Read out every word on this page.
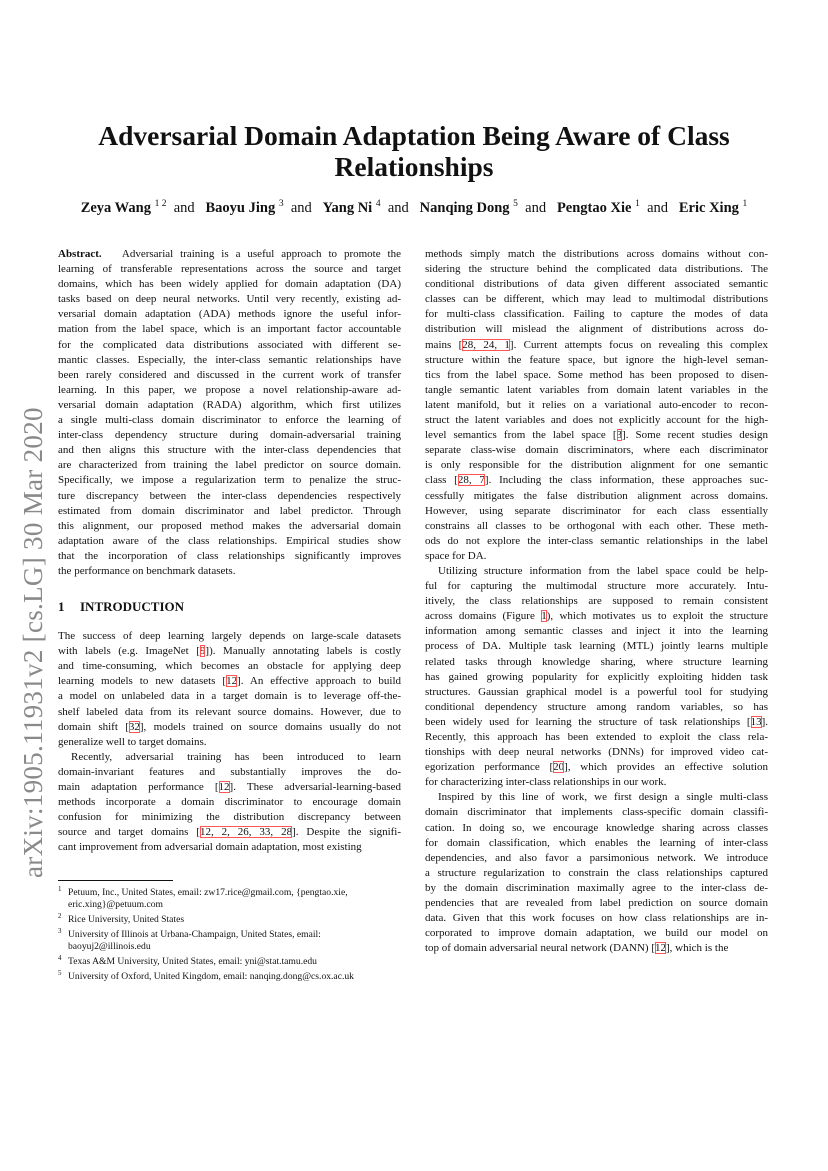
arXiv:1905.11931v2 [cs.LG] 30 Mar 2020
Adversarial Domain Adaptation Being Aware of Class
Relationships
Zeya Wang $^{1 2}$ and Baoyu Jing $^3$ and Yang Ni $^4$ and Nanqing Dong $^5$ and Pengtao Xie $^1$ and Eric Xing $^1$
Abstract. Adversarial training is a useful approach to promote the
learning of transferable representations across the source and target
domains, which has been widely applied for domain adaptation (DA)
tasks based on deep neural networks. Until very recently, existing ad-
versarial domain adaptation (ADA) methods ignore the useful infor-
mation from the label space, which is an important factor accountable
for the complicated data distributions associated with different se-
mantic classes. Especially, the inter-class semantic relationships have
been rarely considered and discussed in the current work of transfer
learning. In this paper, we propose a novel relationship-aware ad-
versarial domain adaptation (RADA) algorithm, which first utilizes
a single multi-class domain discriminator to enforce the learning of
inter-class dependency structure during domain-adversarial training
and then aligns this structure with the inter-class dependencies that
are characterized from training the label predictor on source domain.
Specifically, we impose a regularization term to penalize the struc-
ture discrepancy between the inter-class dependencies respectively
estimated from domain discriminator and label predictor. Through
this alignment, our proposed method makes the adversarial domain
adaptation aware of the class relationships. Empirical studies show
that the incorporation of class relationships significantly improves
the performance on benchmark datasets.
1 INTRODUCTION
The success of deep learning largely depends on large-scale datasets
with labels (e.g. ImageNet [9]). Manually annotating labels is costly
and time-consuming, which becomes an obstacle for applying deep
learning models to new datasets [12]. An effective approach to build
a model on unlabeled data in a target domain is to leverage off-the-
shelf labeled data from its relevant source domains. However, due to
domain shift [32], models trained on source domains usually do not
generalize well to target domains.
Recently, adversarial training has been introduced to learn
domain-invariant features and substantially improves the do-
main adaptation performance [12]. These adversarial-learning-based
methods incorporate a domain discriminator to encourage domain
confusion for minimizing the distribution discrepancy between
source and target domains [12, 2, 26, 33, 28]. Despite the signifi-
cant improvement from adversarial domain adaptation, most existing
$^1$ Petuum, Inc., United States, email: zw17.rice@gmail.com, {pengtao.xie,
eric.xing}@petuum.com
$^2$ Rice University, United States
$^3$ University of Illinois at Urbana-Champaign, United States, email:
baoyuj2@illinois.edu
$^4$ Texas A&M University, United States, email: yni@stat.tamu.edu
$^5$ University of Oxford, United Kingdom, email: nanqing.dong@cs.ox.ac.uk
methods simply match the distributions across domains without con-
sidering the structure behind the complicated data distributions. The
conditional distributions of data given different associated semantic
classes can be different, which may lead to multimodal distributions
for multi-class classification. Failing to capture the modes of data
distribution will mislead the alignment of distributions across do-
mains [28, 24, 1]. Current attempts focus on revealing this complex
structure within the feature space, but ignore the high-level seman-
tics from the label space. Some method has been proposed to disen-
tangle semantic latent variables from domain latent variables in the
latent manifold, but it relies on a variational auto-encoder to recon-
struct the latent variables and does not explicitly account for the high-
level semantics from the label space [3]. Some recent studies design
separate class-wise domain discriminators, where each discriminator
is only responsible for the distribution alignment for one semantic
class [28, 7]. Including the class information, these approaches suc-
cessfully mitigates the false distribution alignment across domains.
However, using separate discriminator for each class essentially
constrains all classes to be orthogonal with each other. These meth-
ods do not explore the inter-class semantic relationships in the label
space for DA.
Utilizing structure information from the label space could be help-
ful for capturing the multimodal structure more accurately. Intu-
itively, the class relationships are supposed to remain consistent
across domains (Figure 1), which motivates us to exploit the structure
information among semantic classes and inject it into the learning
process of DA. Multiple task learning (MTL) jointly learns multiple
related tasks through knowledge sharing, where structure learning
has gained growing popularity for explicitly exploiting hidden task
structures. Gaussian graphical model is a powerful tool for studying
conditional dependency structure among random variables, so has
been widely used for learning the structure of task relationships [13].
Recently, this approach has been extended to exploit the class rela-
tionships with deep neural networks (DNNs) for improved video cat-
egorization performance [20], which provides an effective solution
for characterizing inter-class relationships in our work.
Inspired by this line of work, we first design a single multi-class
domain discriminator that implements class-specific domain classifi-
cation. In doing so, we encourage knowledge sharing across classes
for domain classification, which enables the learning of inter-class
dependencies, and also favor a parsimonious network. We introduce
a structure regularization to constrain the class relationships captured
by the domain discrimination maximally agree to the inter-class de-
pendencies that are revealed from label prediction on source domain
data. Given that this work focuses on how class relationships are in-
corporated to improve domain adaptation, we build our model on
top of domain adversarial neural network (DANN) [12], which is the
